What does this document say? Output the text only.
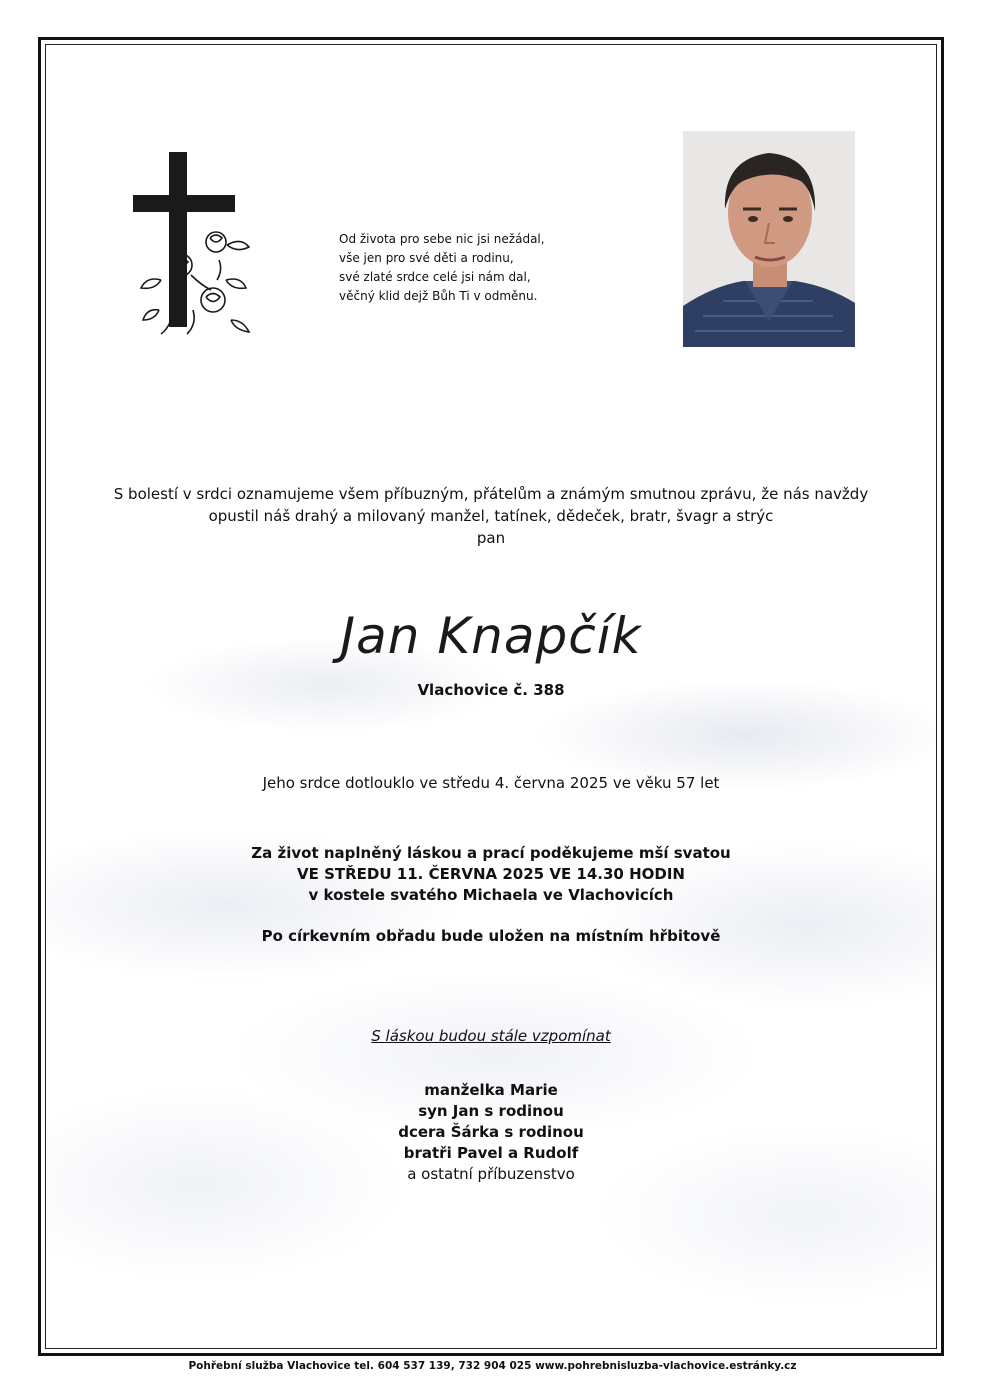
Od života pro sebe nic jsi nežádal,
vše jen pro své děti a rodinu,
své zlaté srdce celé jsi nám dal,
věčný klid dejž Bůh Ti v odměnu.
S bolestí v srdci oznamujeme všem příbuzným, přátelům a známým smutnou zprávu, že nás navždy
opustil náš drahý a milovaný manžel, tatínek, dědeček, bratr, švagr a strýc
pan
Jan Knapčík
Vlachovice č. 388
Jeho srdce dotlouklo ve středu 4. června 2025 ve věku 57 let
Za život naplněný láskou a prací poděkujeme mší svatou
VE STŘEDU 11. ČERVNA 2025 VE 14.30 HODIN
v kostele svatého Michaela ve Vlachovicích
Po církevním obřadu bude uložen na místním hřbitově
S láskou budou stále vzpomínat
manželka Marie
syn Jan s rodinou
dcera Šárka s rodinou
bratři Pavel a Rudolf
a ostatní příbuzenstvo
Pohřební služba Vlachovice tel. 604 537 139, 732 904 025 www.pohrebnisluzba-vlachovice.estránky.cz
